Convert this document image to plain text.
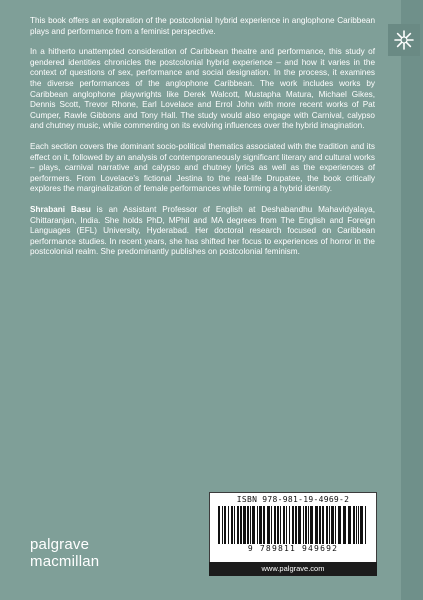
This book offers an exploration of the postcolonial hybrid experience in anglophone Caribbean plays and performance from a feminist perspective.

In a hitherto unattempted consideration of Caribbean theatre and performance, this study of gendered identities chronicles the postcolonial hybrid experience – and how it varies in the context of questions of sex, performance and social designation. In the process, it examines the diverse performances of the anglophone Caribbean. The work includes works by Caribbean anglophone playwrights like Derek Walcott, Mustapha Matura, Michael Gikes, Dennis Scott, Trevor Rhone, Earl Lovelace and Errol John with more recent works of Pat Cumper, Rawle Gibbons and Tony Hall. The study would also engage with Carnival, calypso and chutney music, while commenting on its evolving influences over the hybrid imagination.

Each section covers the dominant socio-political thematics associated with the tradition and its effect on it, followed by an analysis of contemporaneously significant literary and cultural works – plays, carnival narrative and calypso and chutney lyrics as well as the experiences of performers. From Lovelace’s fictional Jestina to the real-life Drupatee, the book critically explores the marginalization of female performances while forming a hybrid identity.

Shrabani Basu is an Assistant Professor of English at Deshabandhu Mahavidyalaya, Chittaranjan, India. She holds PhD, MPhil and MA degrees from The English and Foreign Languages (EFL) University, Hyderabad. Her doctoral research focused on Caribbean performance studies. In recent years, she has shifted her focus to experiences of horror in the postcolonial realm. She predominantly publishes on postcolonial feminism.

ISBN 978-981-19-4969-2
9 789811 949692
www.palgrave.com
palgrave
macmillan
